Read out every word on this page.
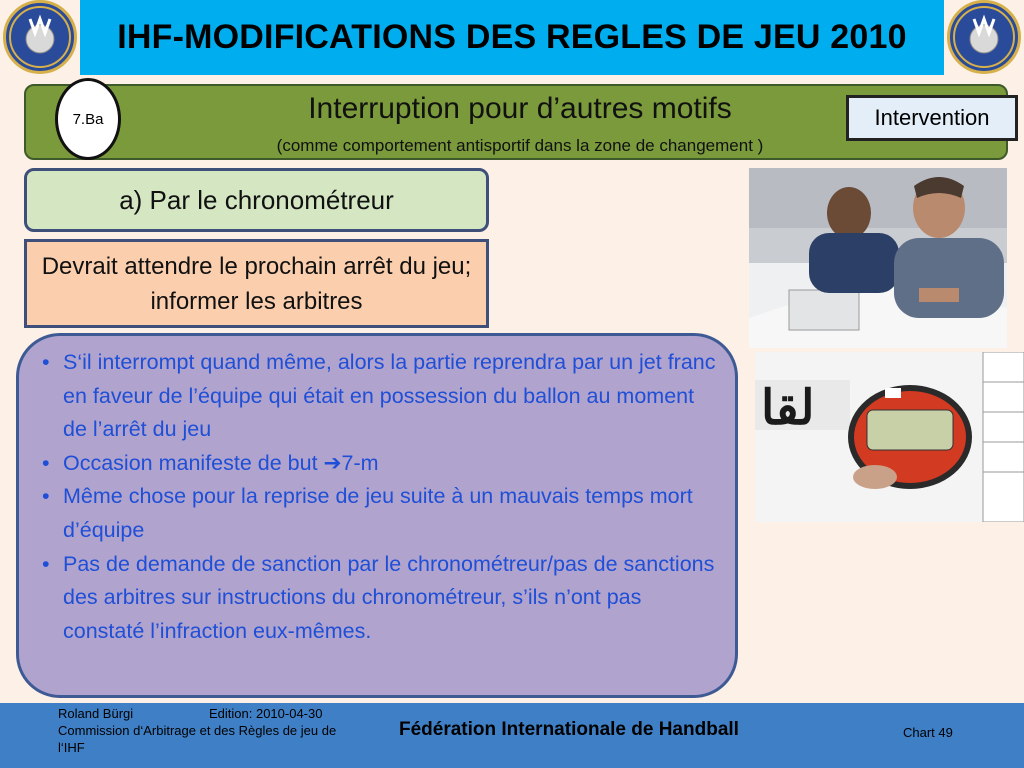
IHF-MODIFICATIONS DES REGLES DE JEU 2010
Interruption pour d’autres motifs
(comme comportement antisportif dans la zone de changement )
7.Ba	Intervention
a) Par le chronométreur
Devrait attendre le prochain arrêt du jeu; informer les arbitres
• S‘il interrompt quand même, alors la partie reprendra par un jet franc en faveur de l’équipe qui était en possession du ballon au moment de l’arrêt du jeu
• Occasion manifeste de but ➔7-m
• Même chose pour la reprise de jeu suite à un mauvais temps mort d’équipe
• Pas de demande de sanction par le chronométreur/pas de sanctions des arbitres sur instructions du chronométreur, s’ils n’ont pas constaté l’infraction eux-mêmes.
لقا
Roland Bürgi	Edition: 2010-04-30
Commission d‘Arbitrage et des Règles de jeu de l‘IHF
Fédération Internationale de Handball	Chart 49
